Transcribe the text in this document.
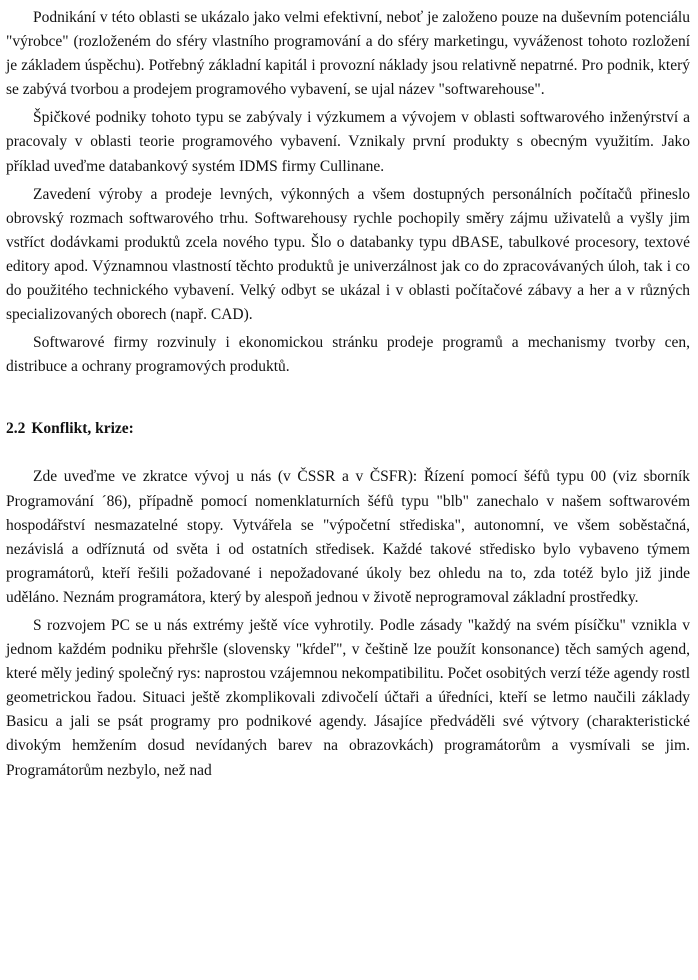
Podnikání v této oblasti se ukázalo jako velmi efektivní, neboť je založeno pouze na duševním potenciálu "výrobce" (rozloženém do sféry vlastního programování a do sféry marketingu, vyváženost tohoto rozložení je základem úspěchu). Potřebný základní kapitál i provozní náklady jsou relativně nepatrné. Pro podnik, který se zabývá tvorbou a prodejem programového vybavení, se ujal název "softwarehouse".

Špičkové podniky tohoto typu se zabývaly i výzkumem a vývojem v oblasti softwarového inženýrství a pracovaly v oblasti teorie programového vybavení. Vznikaly první produkty s obecným využitím. Jako příklad uveďme databankový systém IDMS firmy Cullinane.

Zavedení výroby a prodeje levných, výkonných a všem dostupných personálních počítačů přineslo obrovský rozmach softwarového trhu. Softwarehousy rychle pochopily směry zájmu uživatelů a vyšly jim vstříct dodávkami produktů zcela nového typu. Šlo o databanky typu dBASE, tabulkové procesory, textové editory apod. Významnou vlastností těchto produktů je univerzálnost jak co do zpracovávaných úloh, tak i co do použitého technického vybavení. Velký odbyt se ukázal i v oblasti počítačové zábavy a her a v různých specializovaných oborech (např. CAD).

Softwarové firmy rozvinuly i ekonomickou stránku prodeje programů a mechanismy tvorby cen, distribuce a ochrany programových produktů.

2.2 Konflikt, krize:

Zde uveďme ve zkratce vývoj u nás (v ČSSR a v ČSFR): Řízení pomocí šéfů typu 00 (viz sborník Programování ´86), případně pomocí nomenklaturních šéfů typu "blb" zanechalo v našem softwarovém hospodářství nesmazatelné stopy. Vytvářela se "výpočetní střediska", autonomní, ve všem soběstačná, nezávislá a odříznutá od světa i od ostatních středisek. Každé takové středisko bylo vybaveno týmem programátorů, kteří řešili požadované i nepožadované úkoly bez ohledu na to, zda totéž bylo již jinde uděláno. Neznám programátora, který by alespoň jednou v životě neprogramoval základní prostředky.

S rozvojem PC se u nás extrémy ještě více vyhrotily. Podle zásady "každý na svém písíčku" vznikla v jednom každém podniku přehršle (slovensky "kŕdeľ", v češtině lze použít konsonance) těch samých agend, které měly jediný společný rys: naprostou vzájemnou nekompatibilitu. Počet osobitých verzí téže agendy rostl geometrickou řadou. Situaci ještě zkomplikovali zdivočelí účtaři a úředníci, kteří se letmo naučili základy Basicu a jali se psát programy pro podnikové agendy. Jásajíce předváděli své výtvory (charakteristické divokým hemžením dosud nevídaných barev na obrazovkách) programátorům a vysmívali se jim. Programátorům nezbylo, než nad
